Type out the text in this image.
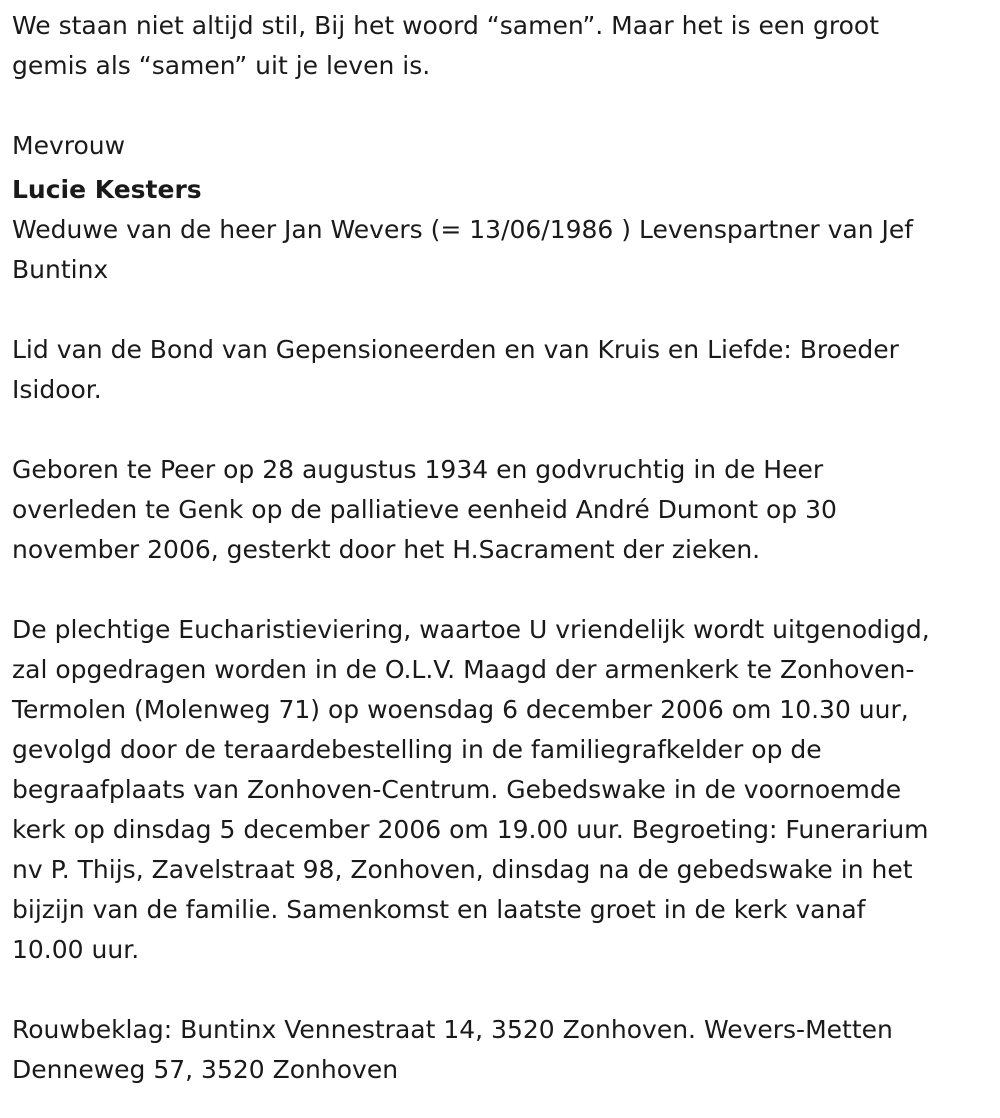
We staan niet altijd stil, Bij het woord “samen”. Maar het is een groot

gemis als “samen” uit je leven is.

Mevrouw

Lucie Kesters

Weduwe van de heer Jan Wevers (= 13/06/1986 ) Levenspartner van Jef

Buntinx

Lid van de Bond van Gepensioneerden en van Kruis en Liefde: Broeder

Isidoor.

Geboren te Peer op 28 augustus 1934 en godvruchtig in de Heer

overleden te Genk op de palliatieve eenheid André Dumont op 30

november 2006, gesterkt door het H.Sacrament der zieken.

De plechtige Eucharistieviering, waartoe U vriendelijk wordt uitgenodigd,

zal opgedragen worden in de O.L.V. Maagd der armenkerk te Zonhoven-

Termolen (Molenweg 71) op woensdag 6 december 2006 om 10.30 uur,

gevolgd door de teraardebestelling in de familiegrafkelder op de

begraafplaats van Zonhoven-Centrum. Gebedswake in de voornoemde

kerk op dinsdag 5 december 2006 om 19.00 uur. Begroeting: Funerarium

nv P. Thijs, Zavelstraat 98, Zonhoven, dinsdag na de gebedswake in het

bijzijn van de familie. Samenkomst en laatste groet in de kerk vanaf

10.00 uur.

Rouwbeklag: Buntinx Vennestraat 14, 3520 Zonhoven. Wevers-Metten

Denneweg 57, 3520 Zonhoven
